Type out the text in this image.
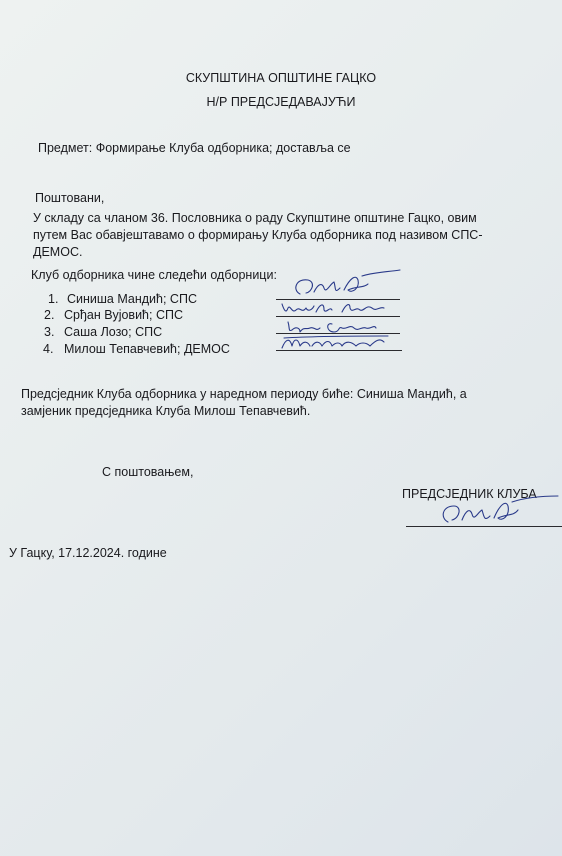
СКУПШТИНА ОПШТИНЕ ГАЦКО
Н/Р ПРЕДСЈЕДАВАЈУЋИ
Предмет: Формирање Клуба одборника; достављa се
Поштовани,
У складу са чланом 36. Пословника о раду Скупштине општине Гацко, овим
путем Вас обавјештавамо о формирању Клуба одборника под називом СПС-
ДЕМОС.
Клуб одборника чине следећи одборници:
1. Синиша Мандић; СПС
2. Срђан Вујовић; СПС
3. Саша Лозо; СПС
4. Милош Тепавчевић; ДЕМОС
Предсједник Клуба одборника у наредном периоду биће: Синиша Мандић, а
замјеник предсједника Клуба Милош Тепавчевић.
С поштовањем,
ПРЕДСЈЕДНИК КЛУБА
У Гацку, 17.12.2024. године
